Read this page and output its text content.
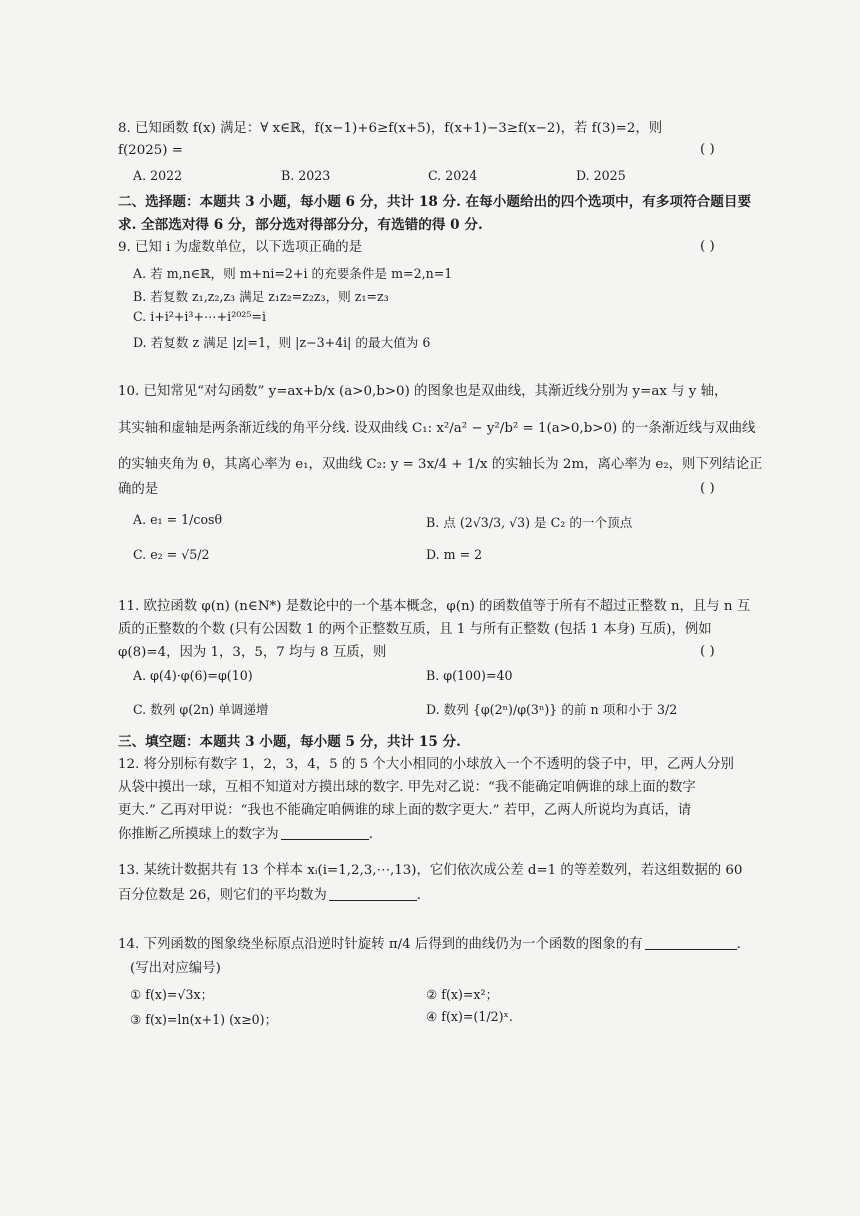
8. 已知函数 f(x) 满足：∀ x∈ℝ，f(x−1)+6≥f(x+5)，f(x+1)−3≥f(x−2)，若 f(3)=2，则
f(2025) =	( )
A. 2022	B. 2023	C. 2024	D. 2025
二、选择题：本题共 3 小题，每小题 6 分，共计 18 分. 在每小题给出的四个选项中，有多项符合题目要
求. 全部选对得 6 分，部分选对得部分分，有选错的得 0 分.
9. 已知 i 为虚数单位，以下选项正确的是	( )
A. 若 m,n∈ℝ，则 m+ni=2+i 的充要条件是 m=2,n=1
B. 若复数 z₁,z₂,z₃ 满足 z₁z₂=z₂z₃，则 z₁=z₃
C. i+i²+i³+⋯+i²⁰²⁵=i
D. 若复数 z 满足 |z|=1，则 |z−3+4i| 的最大值为 6
10. 已知常见“对勾函数” y=ax+b/x (a>0,b>0) 的图象也是双曲线，其渐近线分别为 y=ax 与 y 轴，
其实轴和虚轴是两条渐近线的角平分线. 设双曲线 C₁: x²/a² − y²/b² = 1(a>0,b>0) 的一条渐近线与双曲线
的实轴夹角为 θ，其离心率为 e₁，双曲线 C₂: y = 3x/4 + 1/x 的实轴长为 2m，离心率为 e₂，则下列结论正
确的是	( )
A. e₁ = 1/cosθ	B. 点 (2√3/3, √3) 是 C₂ 的一个顶点
C. e₂ = √5/2	D. m = 2
11. 欧拉函数 φ(n) (n∈N*) 是数论中的一个基本概念，φ(n) 的函数值等于所有不超过正整数 n，且与 n 互
质的正整数的个数 (只有公因数 1 的两个正整数互质，且 1 与所有正整数 (包括 1 本身) 互质)，例如
φ(8)=4，因为 1，3，5，7 均与 8 互质，则	( )
A. φ(4)·φ(6)=φ(10)	B. φ(100)=40
C. 数列 φ(2n) 单调递增	D. 数列 {φ(2ⁿ)/φ(3ⁿ)} 的前 n 项和小于 3/2
三、填空题：本题共 3 小题，每小题 5 分，共计 15 分.
12. 将分别标有数字 1，2，3，4，5 的 5 个大小相同的小球放入一个不透明的袋子中，甲，乙两人分别
从袋中摸出一球，互相不知道对方摸出球的数字. 甲先对乙说：“我不能确定咱俩谁的球上面的数字
更大.” 乙再对甲说：“我也不能确定咱俩谁的球上面的数字更大.” 若甲，乙两人所说均为真话，请
你推断乙所摸球上的数字为	.
13. 某统计数据共有 13 个样本 xᵢ(i=1,2,3,⋯,13)，它们依次成公差 d=1 的等差数列，若这组数据的 60
百分位数是 26，则它们的平均数为	.
14. 下列函数的图象绕坐标原点沿逆时针旋转 π/4 后得到的曲线仍为一个函数的图象的有	.
(写出对应编号)
① f(x)=√3x；	② f(x)=x²；
③ f(x)=ln(x+1) (x≥0)；	④ f(x)=(1/2)ˣ.
